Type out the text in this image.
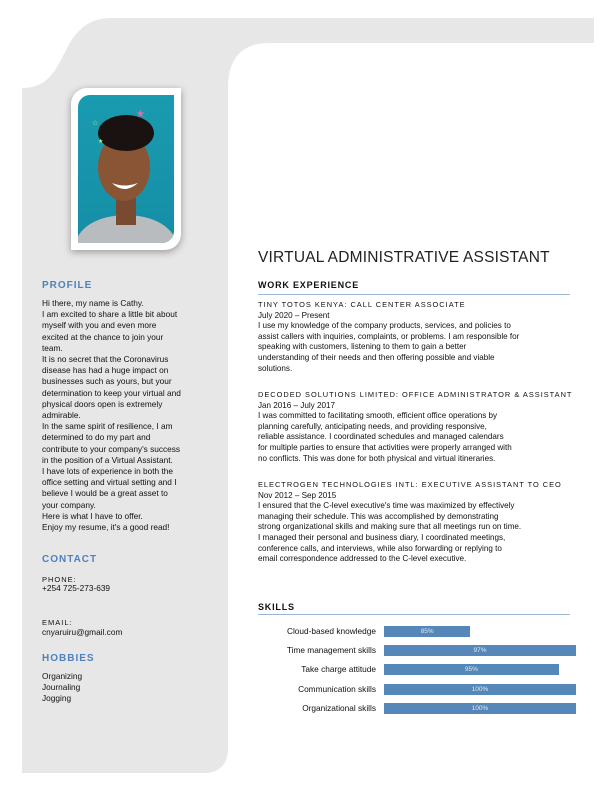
★
☆
★
PROFILE
Hi there, my name is Cathy.
I am excited to share a little bit about
myself with you and even more
excited at the chance to join your
team.
It is no secret that the Coronavirus
disease has had a huge impact on
businesses such as yours, but your
determination to keep your virtual and
physical doors open is extremely
admirable.
In the same spirit of resilience, I am
determined to do my part and
contribute to your company's success
in the position of a Virtual Assistant.
I have lots of experience in both the
office setting and virtual setting and I
believe I would be a great asset to
your company.
Here is what I have to offer.
Enjoy my resume, it's a good read!
CONTACT
PHONE:
+254 725-273-639
EMAIL:
cnyaruiru@gmail.com
HOBBIES
Organizing
Journaling
Jogging
VIRTUAL ADMINISTRATIVE ASSISTANT
WORK EXPERIENCE
TINY TOTOS KENYA: CALL CENTER ASSOCIATE
July 2020 – Present
I use my knowledge of the company products, services, and policies to
assist callers with inquiries, complaints, or problems. I am responsible for
speaking with customers, listening to them to gain a better
understanding of their needs and then offering possible and viable
solutions.
DECODED SOLUTIONS LIMITED: OFFICE ADMINISTRATOR & ASSISTANT
Jan 2016 – July 2017
I was committed to facilitating smooth, efficient office operations by
planning carefully, anticipating needs, and providing responsive,
reliable assistance. I coordinated schedules and managed calendars
for multiple parties to ensure that activities were properly arranged with
no conflicts. This was done for both physical and virtual itineraries.
ELECTROGEN TECHNOLOGIES INTL: EXECUTIVE ASSISTANT TO CEO
Nov 2012 – Sep 2015
I ensured that the C-level executive's time was maximized by effectively
managing their schedule. This was accomplished by demonstrating
strong organizational skills and making sure that all meetings run on time.
I managed their personal and business diary, I coordinated meetings,
conference calls, and interviews, while also forwarding or replying to
email correspondence addressed to the C-level executive.
SKILLS
Cloud-based knowledge	85%
Time management skills	97%
Take charge attitude	95%
Communication skills	100%
Organizational skills	100%
